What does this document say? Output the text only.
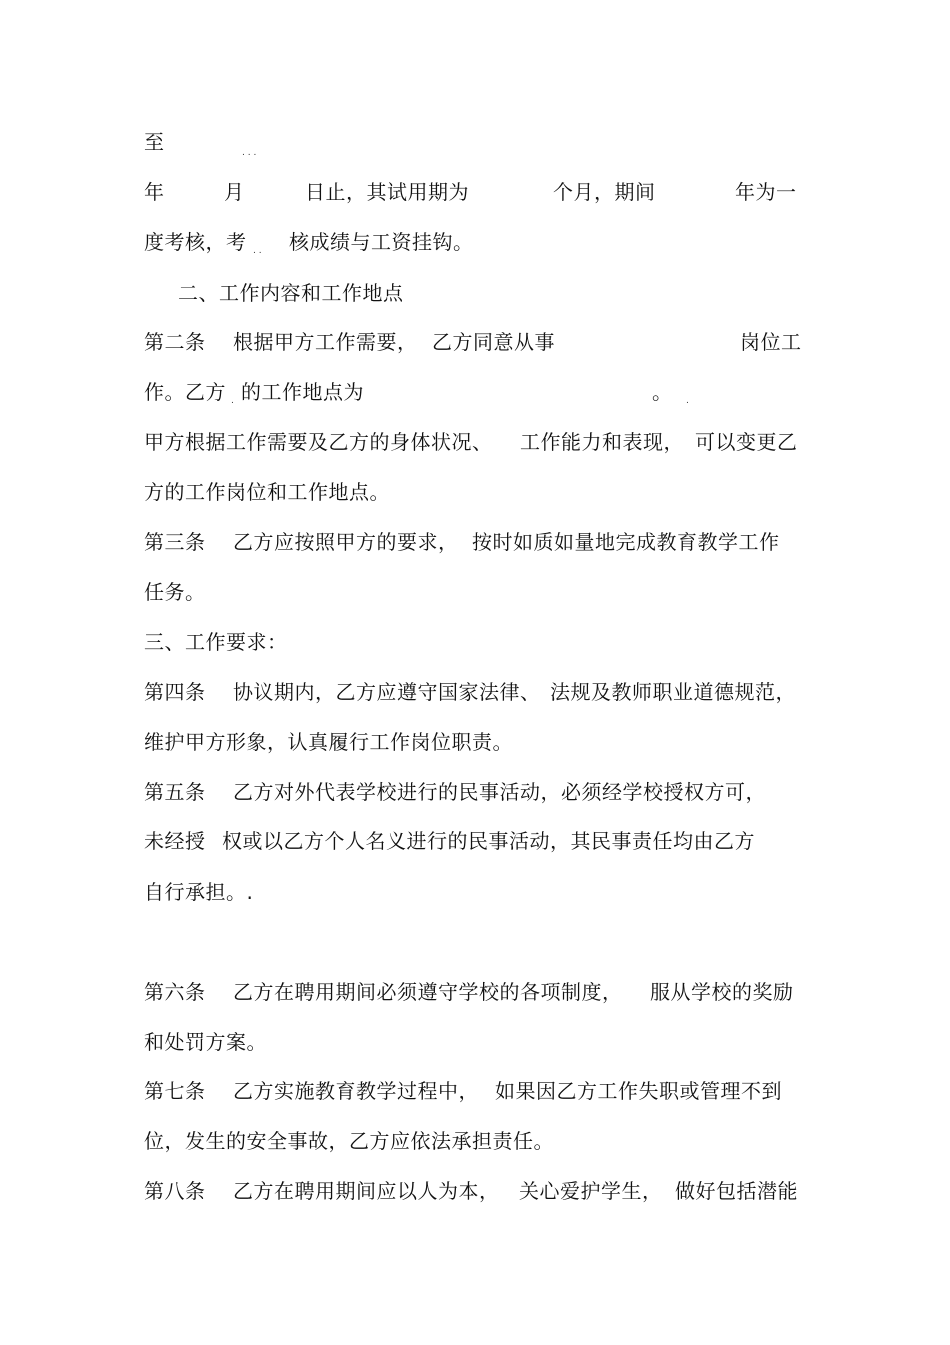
至	. . .
年	月	日止，其试用期为	个月，期间	年为一
度考核，考 . . 核成绩与工资挂钩。
二、工作内容和工作地点
第二条 根据甲方工作需要， 乙方同意从事	岗位工
作。乙方 . 的工作地点为	。 .
甲方根据工作需要及乙方的身体状况、 工作能力和表现， 可以变更乙
方的工作岗位和工作地点。
第三条 乙方应按照甲方的要求， 按时如质如量地完成教育教学工作
任务。
三、工作要求：
第四条 协议期内，乙方应遵守国家法律、 法规及教师职业道德规范，
维护甲方形象，认真履行工作岗位职责。
第五条 乙方对外代表学校进行的民事活动，必须经学校授权方可，
未经授 权或以乙方个人名义进行的民事活动，其民事责任均由乙方
自行承担。.
第六条 乙方在聘用期间必须遵守学校的各项制度， 服从学校的奖励
和处罚方案。
第七条 乙方实施教育教学过程中， 如果因乙方工作失职或管理不到
位，发生的安全事故，乙方应依法承担责任。
第八条 乙方在聘用期间应以人为本， 关心爱护学生， 做好包括潜能
